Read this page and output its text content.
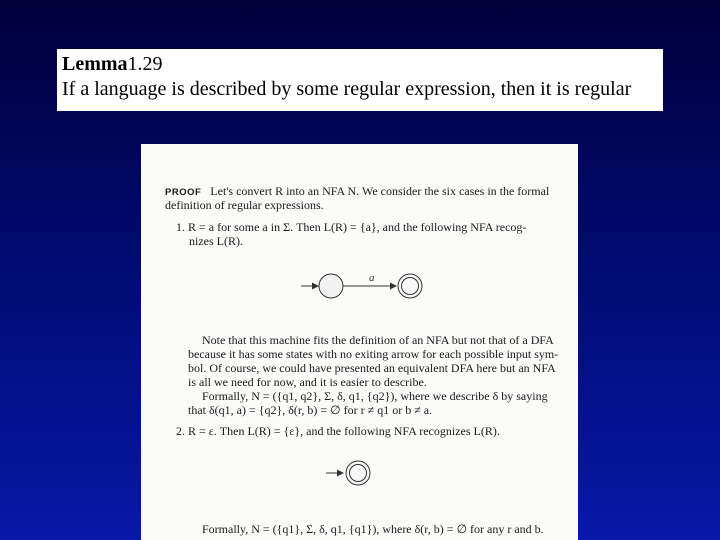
Lemma1.29
If a language is described by some regular expression, then it is regular
PROOF Let's convert R into an NFA N. We consider the six cases in the formal
definition of regular expressions.
1. R = a for some a in Σ. Then L(R) = {a}, and the following NFA recog-
nizes L(R).
a
Note that this machine fits the definition of an NFA but not that of a DFA
because it has some states with no exiting arrow for each possible input sym-
bol. Of course, we could have presented an equivalent DFA here but an NFA
is all we need for now, and it is easier to describe.
Formally, N = ({q1, q2}, Σ, δ, q1, {q2}), where we describe δ by saying
that δ(q1, a) = {q2}, δ(r, b) = ∅ for r ≠ q1 or b ≠ a.
2. R = ε. Then L(R) = {ε}, and the following NFA recognizes L(R).
Formally, N = ({q1}, Σ, δ, q1, {q1}), where δ(r, b) = ∅ for any r and b.
